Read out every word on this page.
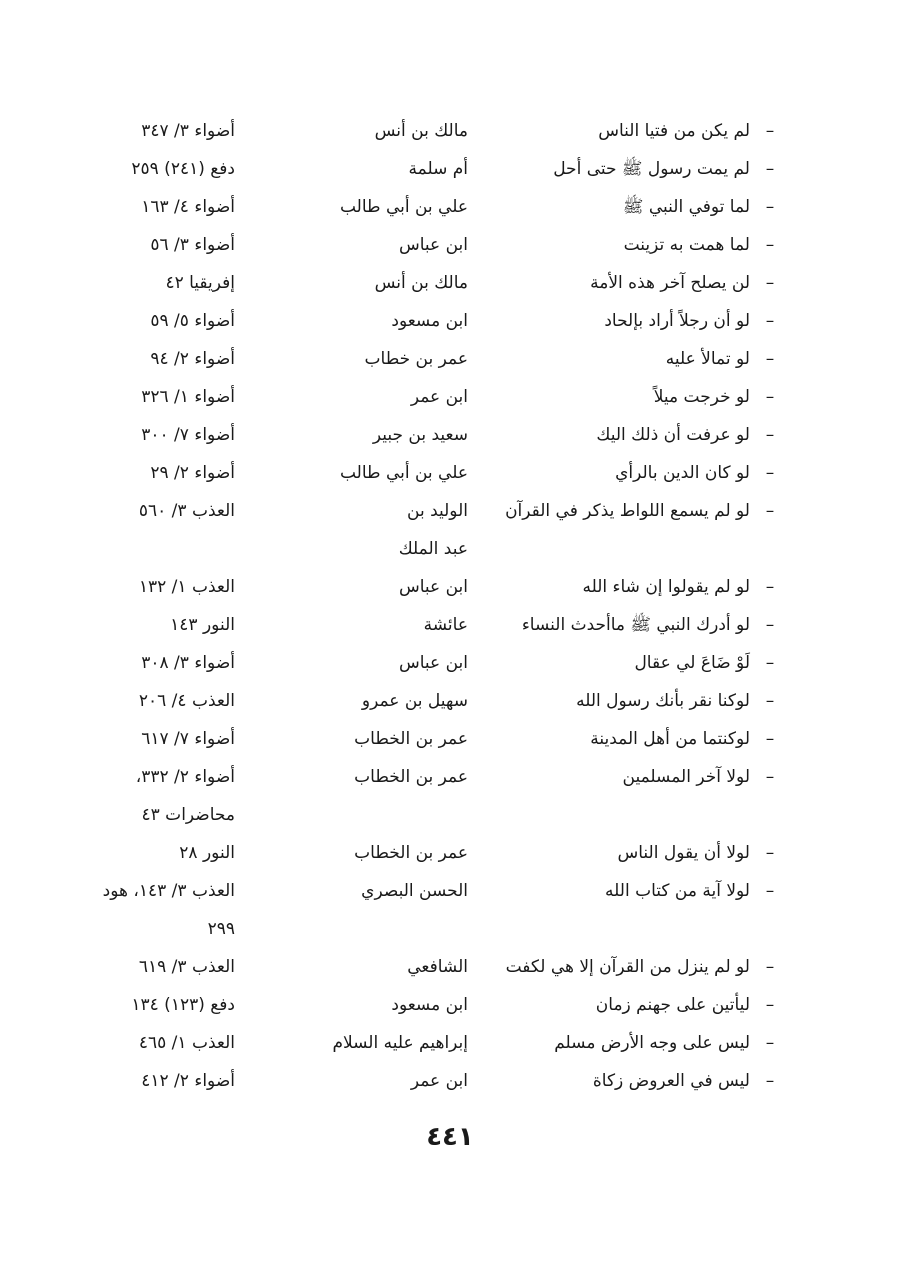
–
لم يكن من فتيا الناس
مالك بن أنس
أضواء ٣/ ٣٤٧
–
لم يمت رسول ﷺ حتى أحل
أم سلمة
دفع (٢٤١) ٢٥٩
–
لما توفي النبي ﷺ
علي بن أبي طالب
أضواء ٤/ ١٦٣
–
لما همت به تزينت
ابن عباس
أضواء ٣/ ٥٦
–
لن يصلح آخر هذه الأمة
مالك بن أنس
إفريقيا ٤٢
–
لو أن رجلاً أراد بإلحاد
ابن مسعود
أضواء ٥/ ٥٩
–
لو تمالأ عليه
عمر بن خطاب
أضواء ٢/ ٩٤
–
لو خرجت ميلاً
ابن عمر
أضواء ١/ ٣٢٦
–
لو عرفت أن ذلك اليك
سعيد بن جبير
أضواء ٧/ ٣٠٠
–
لو كان الدين بالرأي
علي بن أبي طالب
أضواء ٢/ ٢٩
–
لو لم يسمع اللواط يذكر في القرآن
الوليد بن
العذب ٣/ ٥٦٠
عبد الملك
–
لو لم يقولوا إن شاء الله
ابن عباس
العذب ١/ ١٣٢
–
لو أدرك النبي ﷺ ماأحدث النساء
عائشة
النور ١٤٣
–
لَوْ ضَاعَ لي عقال
ابن عباس
أضواء ٣/ ٣٠٨
–
لوكنا نقر بأنك رسول الله
سهيل بن عمرو
العذب ٤/ ٢٠٦
–
لوكنتما من أهل المدينة
عمر بن الخطاب
أضواء ٧/ ٦١٧
–
لولا آخر المسلمين
عمر بن الخطاب
أضواء ٢/ ٣٣٢،
محاضرات ٤٣
–
لولا أن يقول الناس
عمر بن الخطاب
النور ٢٨
–
لولا آية من كتاب الله
الحسن البصري
العذب ٣/ ١٤٣، هود
٢٩٩
–
لو لم ينزل من القرآن إلا هي لكفت
الشافعي
العذب ٣/ ٦١٩
–
ليأتين على جهنم زمان
ابن مسعود
دفع (١٢٣) ١٣٤
–
ليس على وجه الأرض مسلم
إبراهيم عليه السلام
العذب ١/ ٤٦٥
–
ليس في العروض زكاة
ابن عمر
أضواء ٢/ ٤١٢
٤٤١
